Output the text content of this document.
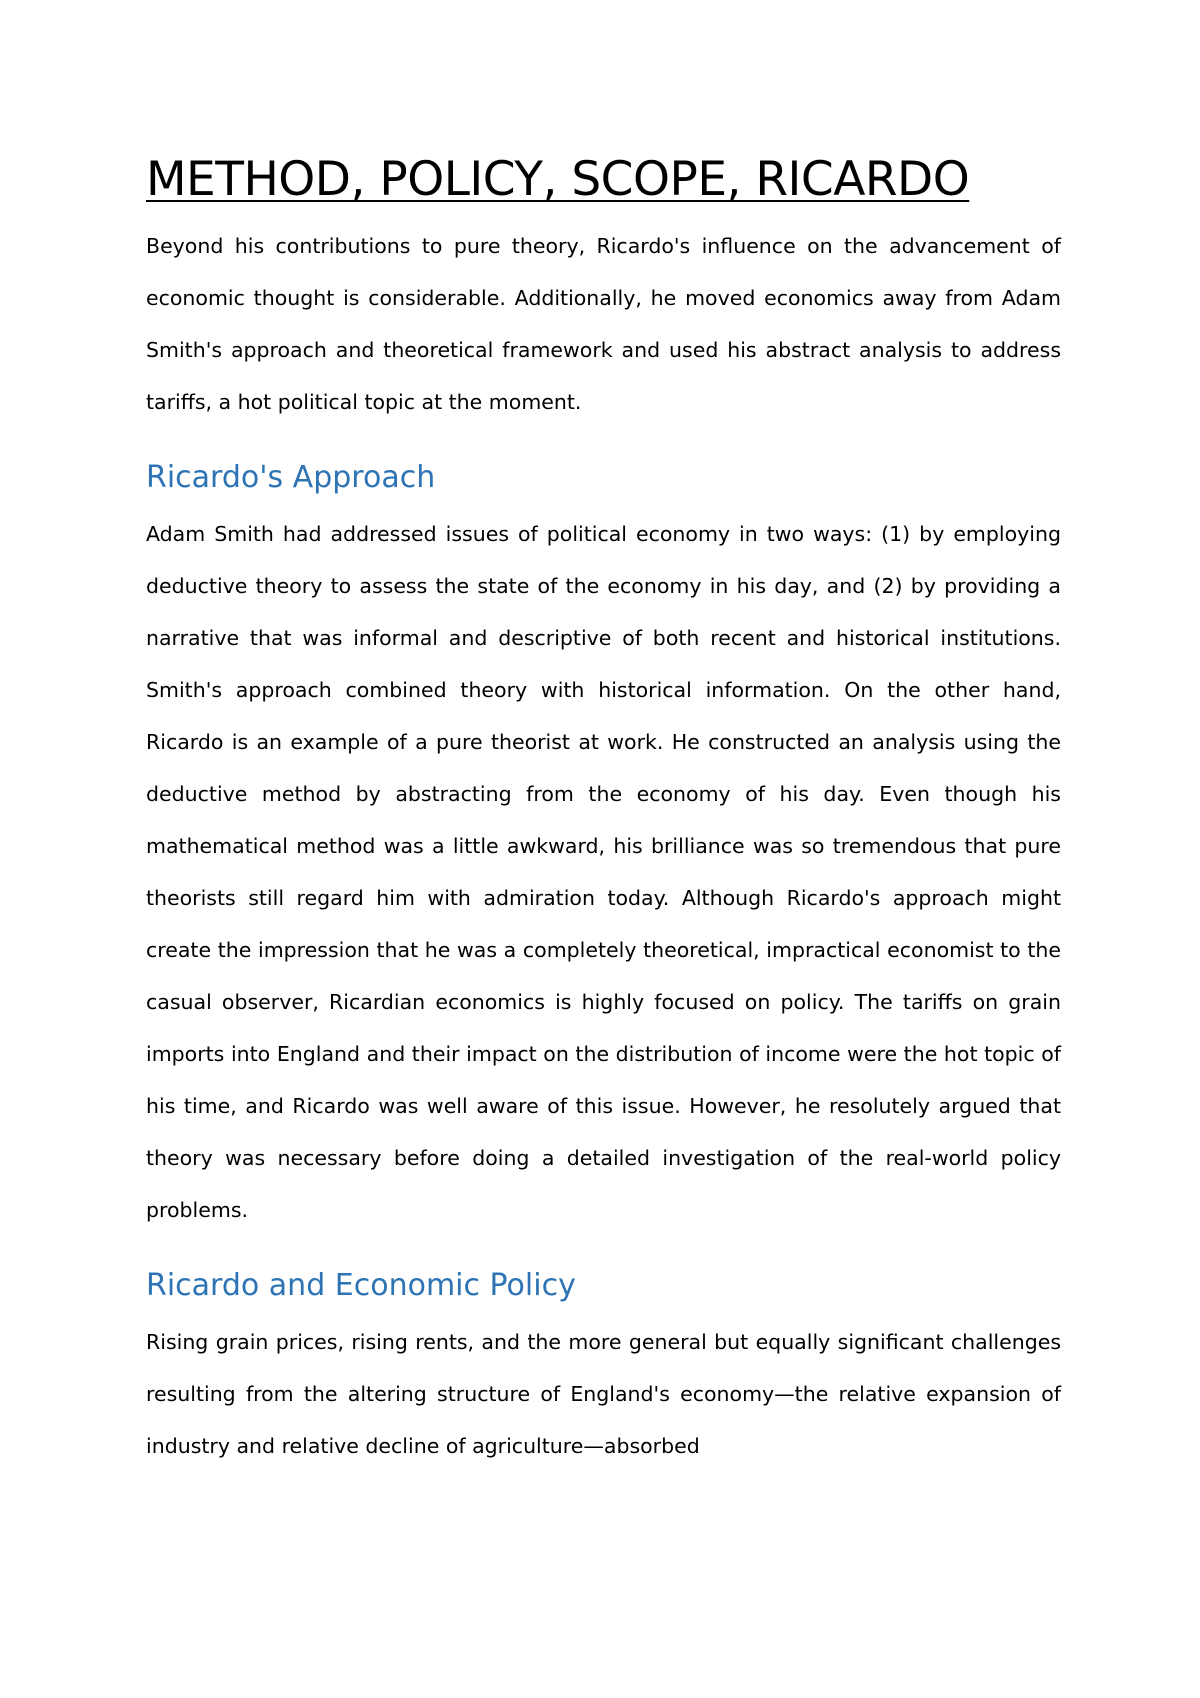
METHOD, POLICY, SCOPE, RICARDO

Beyond his contributions to pure theory, Ricardo's influence on the advancement of economic thought is considerable. Additionally, he moved economics away from Adam Smith's approach and theoretical framework and used his abstract analysis to address tariffs, a hot political topic at the moment.

Ricardo's Approach

Adam Smith had addressed issues of political economy in two ways: (1) by employing deductive theory to assess the state of the economy in his day, and (2) by providing a narrative that was informal and descriptive of both recent and historical institutions. Smith's approach combined theory with historical information. On the other hand, Ricardo is an example of a pure theorist at work. He constructed an analysis using the deductive method by abstracting from the economy of his day. Even though his mathematical method was a little awkward, his brilliance was so tremendous that pure theorists still regard him with admiration today. Although Ricardo's approach might create the impression that he was a completely theoretical, impractical economist to the casual observer, Ricardian economics is highly focused on policy. The tariffs on grain imports into England and their impact on the distribution of income were the hot topic of his time, and Ricardo was well aware of this issue. However, he resolutely argued that theory was necessary before doing a detailed investigation of the real-world policy problems.

Ricardo and Economic Policy

Rising grain prices, rising rents, and the more general but equally significant challenges resulting from the altering structure of England's economy—the relative expansion of industry and relative decline of agriculture—absorbed
